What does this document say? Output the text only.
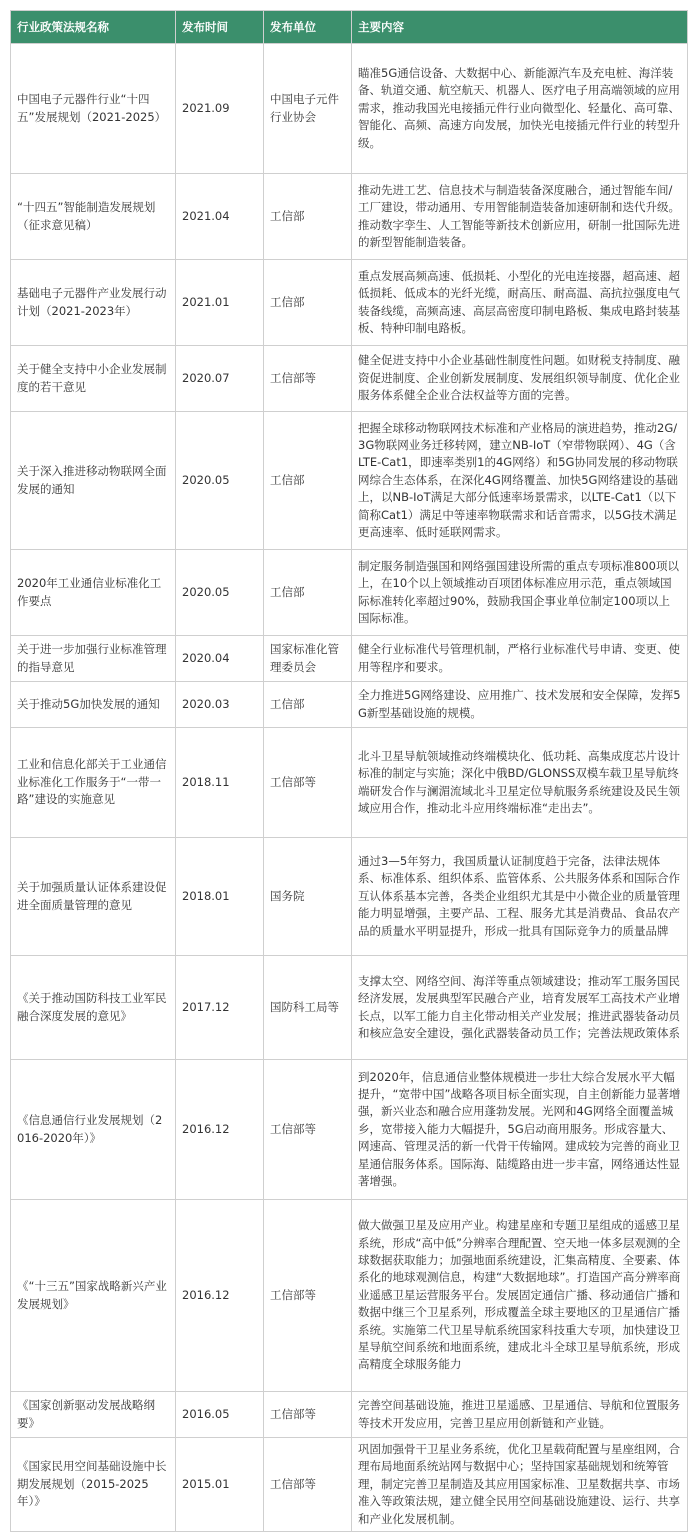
行业政策法规名称	发布时间	发布单位	主要内容
中国电子元器件行业“十四五”发展规划（2021-2025）	2021.09	中国电子元件行业协会	瞄准5G通信设备、大数据中心、新能源汽车及充电桩、海洋装备、轨道交通、航空航天、机器人、医疗电子用高端领域的应用需求，推动我国光电接插元件行业向微型化、轻量化、高可靠、智能化、高频、高速方向发展，加快光电接插元件行业的转型升级。
“十四五”智能制造发展规划（征求意见稿）	2021.04	工信部	推动先进工艺、信息技术与制造装备深度融合，通过智能车间/工厂建设，带动通用、专用智能制造装备加速研制和迭代升级。推动数字孪生、人工智能等新技术创新应用，研制一批国际先进的新型智能制造装备。
基础电子元器件产业发展行动计划（2021-2023年）	2021.01	工信部	重点发展高频高速、低损耗、小型化的光电连接器，超高速、超低损耗、低成本的光纤光缆，耐高压、耐高温、高抗拉强度电气装备线缆，高频高速、高层高密度印制电路板、集成电路封装基板、特种印制电路板。
关于健全支持中小企业发展制度的若干意见	2020.07	工信部等	健全促进支持中小企业基础性制度性问题。如财税支持制度、融资促进制度、企业创新发展制度、发展组织领导制度、优化企业服务体系健全企业合法权益等方面的完善。
关于深入推进移动物联网全面发展的通知	2020.05	工信部	把握全球移动物联网技术标准和产业格局的演进趋势，推动2G/3G物联网业务迁移转网，建立NB-IoT（窄带物联网）、4G（含LTE-Cat1，即速率类别1的4G网络）和5G协同发展的移动物联网综合生态体系，在深化4G网络覆盖、加快5G网络建设的基础上，以NB-IoT满足大部分低速率场景需求，以LTE-Cat1（以下简称Cat1）满足中等速率物联需求和话音需求，以5G技术满足更高速率、低时延联网需求。
2020年工业通信业标准化工作要点	2020.05	工信部	制定服务制造强国和网络强国建设所需的重点专项标准800项以上，在10个以上领域推动百项团体标准应用示范，重点领域国际标准转化率超过90%，鼓励我国企事业单位制定100项以上国际标准。
关于进一步加强行业标准管理的指导意见	2020.04	国家标准化管理委员会	健全行业标准代号管理机制，严格行业标准代号申请、变更、使用等程序和要求。
关于推动5G加快发展的通知	2020.03	工信部	全力推进5G网络建设、应用推广、技术发展和安全保障，发挥5G新型基础设施的规模。
工业和信息化部关于工业通信业标准化工作服务于“一带一路”建设的实施意见	2018.11	工信部等	北斗卫星导航领域推动终端模块化、低功耗、高集成度芯片设计标准的制定与实施；深化中俄BD/GLONSS双模车载卫星导航终端研发合作与澜湄流域北斗卫星定位导航服务系统建设及民生领域应用合作，推动北斗应用终端标准“走出去”。
关于加强质量认证体系建设促进全面质量管理的意见	2018.01	国务院	通过3—5年努力，我国质量认证制度趋于完备，法律法规体系、标准体系、组织体系、监管体系、公共服务体系和国际合作互认体系基本完善，各类企业组织尤其是中小微企业的质量管理能力明显增强，主要产品、工程、服务尤其是消费品、食品农产品的质量水平明显提升，形成一批具有国际竞争力的质量品牌
《关于推动国防科技工业军民融合深度发展的意见》	2017.12	国防科工局等	支撑太空、网络空间、海洋等重点领域建设；推动军工服务国民经济发展，发展典型军民融合产业，培育发展军工高技术产业增长点，以军工能力自主化带动相关产业发展；推进武器装备动员和核应急安全建设，强化武器装备动员工作；完善法规政策体系
《信息通信行业发展规划（2016-2020年）》	2016.12	工信部等	到2020年，信息通信业整体规模进一步壮大综合发展水平大幅提升，“宽带中国”战略各项目标全面实现，自主创新能力显著增强，新兴业态和融合应用蓬勃发展。光网和4G网络全面覆盖城乡，宽带接入能力大幅提升，5G启动商用服务。形成容量大、网速高、管理灵活的新一代骨干传输网。建成较为完善的商业卫星通信服务体系。国际海、陆缆路由进一步丰富，网络通达性显著增强。
《“十三五”国家战略新兴产业发展规划》	2016.12	工信部等	做大做强卫星及应用产业。构建星座和专题卫星组成的遥感卫星系统，形成“高中低”分辨率合理配置、空天地一体多层观测的全球数据获取能力；加强地面系统建设，汇集高精度、全要素、体系化的地球观测信息，构建“大数据地球”。打造国产高分辨率商业遥感卫星运营服务平台。发展固定通信广播、移动通信广播和数据中继三个卫星系列，形成覆盖全球主要地区的卫星通信广播系统。实施第二代卫星导航系统国家科技重大专项，加快建设卫星导航空间系统和地面系统，建成北斗全球卫星导航系统，形成高精度全球服务能力
《国家创新驱动发展战略纲要》	2016.05	工信部等	完善空间基础设施，推进卫星遥感、卫星通信、导航和位置服务等技术开发应用，完善卫星应用创新链和产业链。
《国家民用空间基础设施中长期发展规划（2015-2025年）》	2015.01	工信部等	巩固加强骨干卫星业务系统，优化卫星载荷配置与星座组网，合理布局地面系统站网与数据中心；坚持国家基础规划和统筹管理，制定完善卫星制造及其应用国家标准、卫星数据共享、市场准入等政策法规，建立健全民用空间基础设施建设、运行、共享和产业化发展机制。
